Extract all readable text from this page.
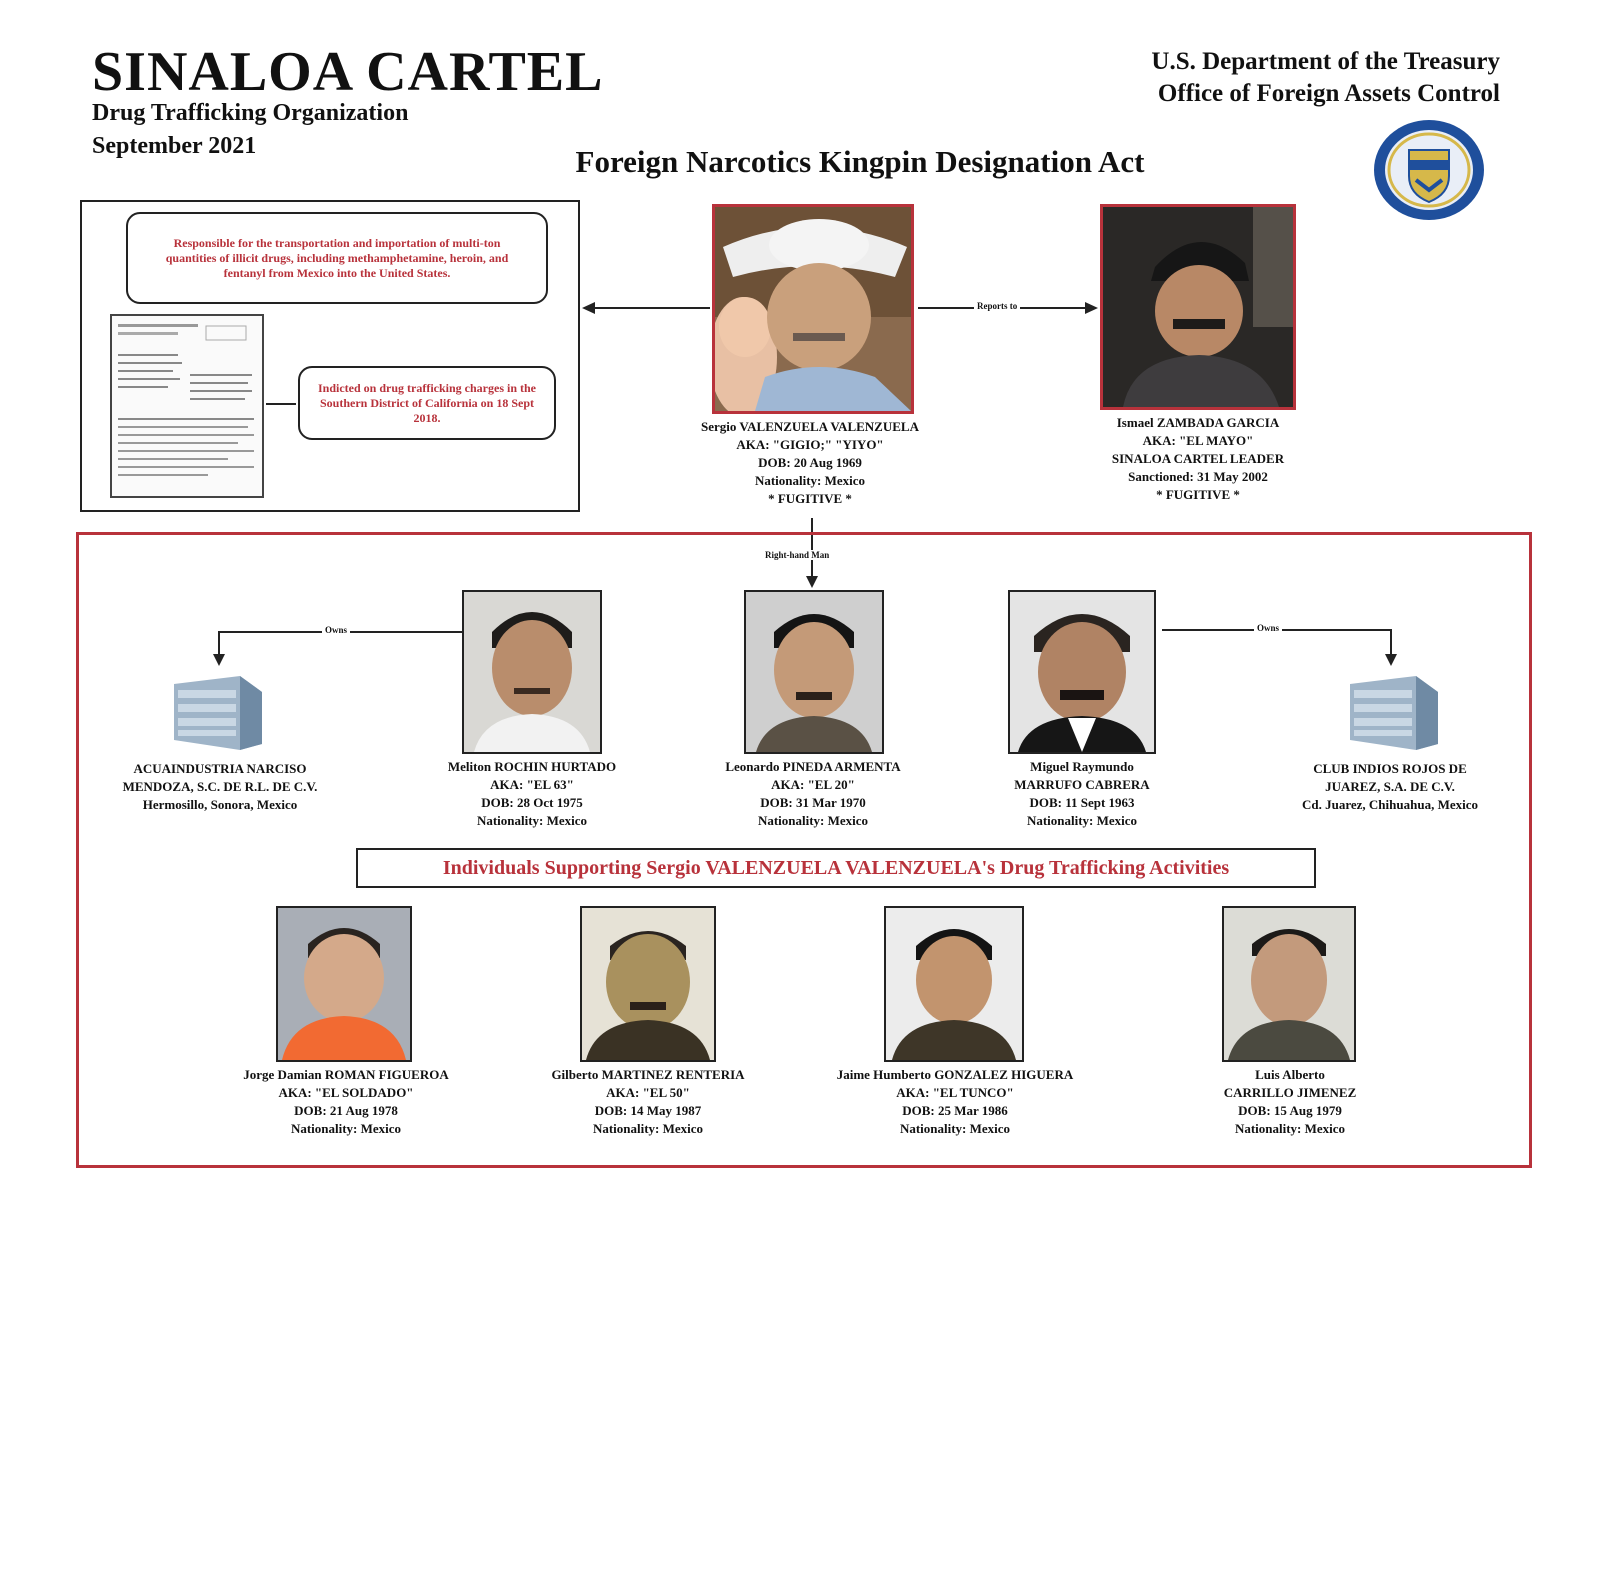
SINALOA CARTEL
Drug Trafficking Organization
September 2021
U.S. Department of the Treasury
Office of Foreign Assets Control
Foreign Narcotics Kingpin Designation Act
Responsible for the transportation and importation of multi-ton quantities of illicit drugs, including methamphetamine, heroin, and fentanyl from Mexico into the United States.
Indicted on drug trafficking charges in the Southern District of California on 18 Sept 2018.
Sergio VALENZUELA VALENZUELA
AKA: "GIGIO;" "YIYO"
DOB: 20 Aug 1969
Nationality: Mexico
* FUGITIVE *
Reports to
Ismael ZAMBADA GARCIA
AKA: "EL MAYO"
SINALOA CARTEL LEADER
Sanctioned: 31 May 2002
* FUGITIVE *
Right-hand Man
Owns	Owns
ACUAINDUSTRIA NARCISO
MENDOZA, S.C. DE R.L. DE C.V.
Hermosillo, Sonora, Mexico
CLUB INDIOS ROJOS DE
JUAREZ, S.A. DE C.V.
Cd. Juarez, Chihuahua, Mexico
Meliton ROCHIN HURTADO
AKA: "EL 63"
DOB: 28 Oct 1975
Nationality: Mexico
Leonardo PINEDA ARMENTA
AKA: "EL 20"
DOB: 31 Mar 1970
Nationality: Mexico
Miguel Raymundo
MARRUFO CABRERA
DOB: 11 Sept 1963
Nationality: Mexico
Individuals Supporting Sergio VALENZUELA VALENZUELA's Drug Trafficking Activities
Jorge Damian ROMAN FIGUEROA
AKA: "EL SOLDADO"
DOB: 21 Aug 1978
Nationality: Mexico
Gilberto MARTINEZ RENTERIA
AKA: "EL 50"
DOB: 14 May 1987
Nationality: Mexico
Jaime Humberto GONZALEZ HIGUERA
AKA: "EL TUNCO"
DOB: 25 Mar 1986
Nationality: Mexico
Luis Alberto
CARRILLO JIMENEZ
DOB: 15 Aug 1979
Nationality: Mexico
